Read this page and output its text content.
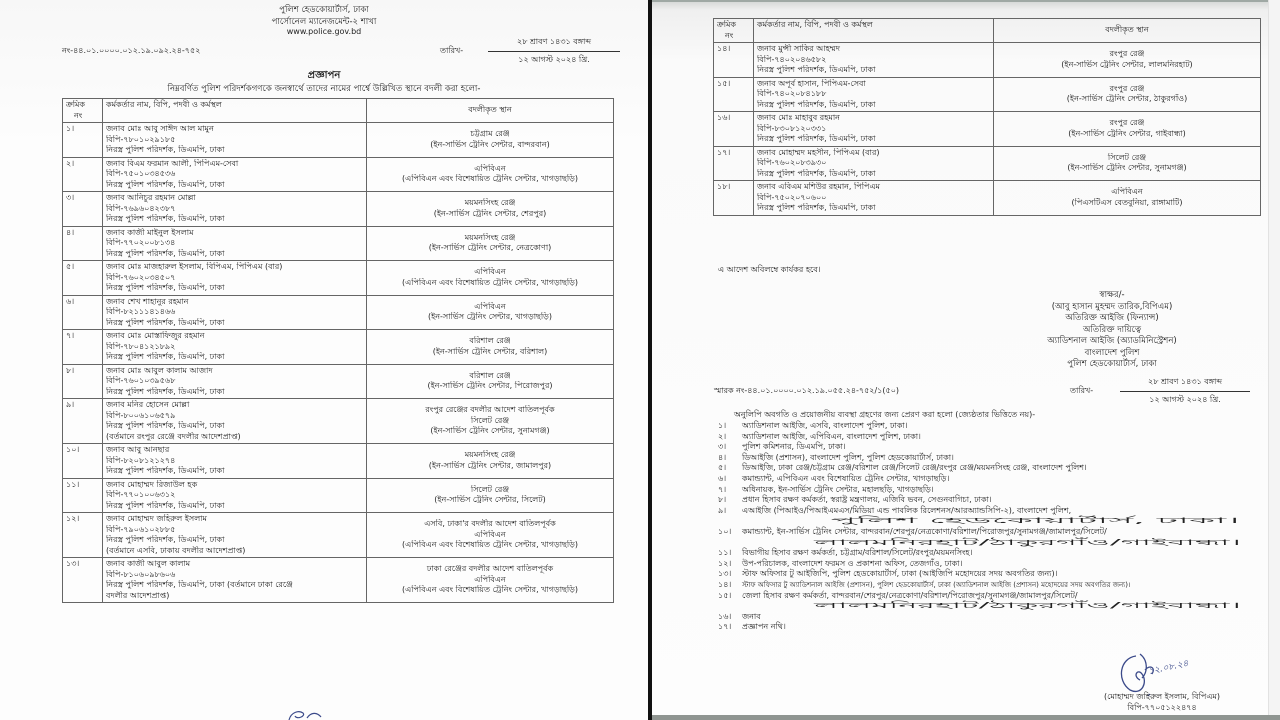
পুলিশ হেডকোয়ার্টার্স, ঢাকা
পার্সোনেল ম্যানেজমেন্ট-২ শাখা
www.police.gov.bd
নং-৪৪.০১.০০০০.০১২.১৯.০৯২.২৪-৭৫২	তারিখ-
২৮ শ্রাবণ ১৪৩১ বঙ্গাব্দ
১২ আগস্ট ২০২৪ খ্রি.
প্রজ্ঞাপন
নিম্নবর্ণিত পুলিশ পরিদর্শকগণকে জনস্বার্থে তাদের নামের পার্শ্বে উল্লিখিত স্থানে বদলী করা হলো-
ক্রমিক
নং	কর্মকর্তার নাম, বিপি, পদবী ও কর্মস্থল	বদলীকৃত স্থান
১।	জনাব মোঃ আবু সাঈদ আল মামুন
বিপি-৭৮০১০২৯১৮৫
নিরস্ত্র পুলিশ পরিদর্শক, ডিএমপি, ঢাকা	চট্টগ্রাম রেঞ্জ
(ইন-সার্ভিস ট্রেনিং সেন্টার, বান্দরবান)

২।	জনাব বিএম ফরমান আলী, পিপিএম-সেবা
বিপি-৭৫০১০৩৪৫৩৬
নিরস্ত্র পুলিশ পরিদর্শক, ডিএমপি, ঢাকা	এপিবিএন
(এপিবিএন এবং বিশেষায়িত ট্রেনিং সেন্টার, খাগড়াছড়ি)

৩।	জনাব আনিচুর রহমান মোল্লা
বিপি-৭৬৯৬০৪২৩৮৭
নিরস্ত্র পুলিশ পরিদর্শক, ডিএমপি, ঢাকা	ময়মনসিংহ রেঞ্জ
(ইন-সার্ভিস ট্রেনিং সেন্টার, শেরপুর)

৪।	জনাব কাজী মাইনুল ইসলাম
বিপি-৭৭০২০০৮১৩৪
নিরস্ত্র পুলিশ পরিদর্শক, ডিএমপি, ঢাকা	ময়মনসিংহ রেঞ্জ
(ইন-সার্ভিস ট্রেনিং সেন্টার, নেত্রকোণা)

৫।	জনাব মোঃ মাজহারুল ইসলাম, বিপিএম, পিপিএম (বার)
বিপি-৭৬০২০৩৪৫০৭
নিরস্ত্র পুলিশ পরিদর্শক, ডিএমপি, ঢাকা	এপিবিএন
(এপিবিএন এবং বিশেষায়িত ট্রেনিং সেন্টার, খাগড়াছড়ি)

৬।	জনাব শেখ শাহানুর রহমান
বিপি-৮২১১১৪১৪৬৬
নিরস্ত্র পুলিশ পরিদর্শক, ডিএমপি, ঢাকা	এপিবিএন
(ইন-সার্ভিস ট্রেনিং সেন্টার, খাগড়াছড়ি)

৭।	জনাব মোঃ মোস্তাফিজুর রহমান
বিপি-৭৮০৪১২১৮৯২
নিরস্ত্র পুলিশ পরিদর্শক, ডিএমপি, ঢাকা	বরিশাল রেঞ্জ
(ইন-সার্ভিস ট্রেনিং সেন্টার, বরিশাল)

৮।	জনাব মোঃ আবুল কালাম আজাদ
বিপি-৭৬০১০৩৯৫৬৮
নিরস্ত্র পুলিশ পরিদর্শক, ডিএমপি, ঢাকা	বরিশাল রেঞ্জ
(ইন-সার্ভিস ট্রেনিং সেন্টার, পিরোজপুর)

৯।	জনাব মনির হোসেন মোল্লা
বিপি-৮০০৬১০৬৫৭৯
নিরস্ত্র পুলিশ পরিদর্শক, ডিএমপি, ঢাকা
(বর্তমানে রংপুর রেঞ্জে বদলীর আদেশপ্রাপ্ত)	রংপুর রেঞ্জের বদলীর আদেশ বাতিলপূর্বক
সিলেট রেঞ্জ
(ইন-সার্ভিস ট্রেনিং সেন্টার, সুনামগঞ্জ)

১০।	জনাব আবু আনছার
বিপি-৮২০৮১২১২৭৪
নিরস্ত্র পুলিশ পরিদর্শক, ডিএমপি, ঢাকা	ময়মনসিংহ রেঞ্জ
(ইন-সার্ভিস ট্রেনিং সেন্টার, জামালপুর)

১১।	জনাব মোহাম্মদ রিজাউল হক
বিপি-৭৭০১০০৬৩১২
নিরস্ত্র পুলিশ পরিদর্শক, ডিএমপি, ঢাকা	সিলেট রেঞ্জ
(ইন-সার্ভিস ট্রেনিং সেন্টার, সিলেট)

১২।	জনাব মোহাম্মদ জহিরুল ইসলাম
বিপি-৭৯০৬১০২৮৮৫
নিরস্ত্র পুলিশ পরিদর্শক, ডিএমপি, ঢাকা
(বর্তমানে এসবি, ঢাকায় বদলীর আদেশপ্রাপ্ত)	এসবি, ঢাকা'র বদলীর আদেশ বাতিলপূর্বক
এপিবিএন
(এপিবিএন এবং বিশেষায়িত ট্রেনিং সেন্টার, খাগড়াছড়ি)

১৩।	জনাব কাজী আবুল কালাম
বিপি-৮১০৬০৯৮৬০৬
নিরস্ত্র পুলিশ পরিদর্শক, ডিএমপি, ঢাকা (বর্তমানে ঢাকা রেঞ্জে
বদলীর আদেশপ্রাপ্ত)	ঢাকা রেঞ্জের বদলীর আদেশ বাতিলপূর্বক
এপিবিএন
(এপিবিএন এবং বিশেষায়িত ট্রেনিং সেন্টার, খাগড়াছড়ি)
ক্রমিক
নং	কর্মকর্তার নাম, বিপি, পদবী ও কর্মস্থল	বদলীকৃত স্থান
১৪।	জনাব মুন্সী সাকির আহম্মদ
বিপি-৭৪০২০৪৬৫৮২
নিরস্ত্র পুলিশ পরিদর্শক, ডিএমপি, ঢাকা	রংপুর রেঞ্জ
(ইন-সার্ভিস ট্রেনিং সেন্টার, লালমনিরহাট)

১৫।	জনাব অপূর্ব হাসান, পিপিএম-সেবা
বিপি-৭৪০২০৮৪১৮৮
নিরস্ত্র পুলিশ পরিদর্শক, ডিএমপি, ঢাকা	রংপুর রেঞ্জ
(ইন-সার্ভিস ট্রেনিং সেন্টার, ঠাকুরগাঁও)

১৬।	জনাব মোঃ মাহাবুব রহমান
বিপি-৮৩০৮১২০৩৩১
নিরস্ত্র পুলিশ পরিদর্শক, ডিএমপি, ঢাকা	রংপুর রেঞ্জ
(ইন-সার্ভিস ট্রেনিং সেন্টার, গাইবান্ধা)

১৭।	জনাব মোহাম্মদ মহসীন, পিপিএম (বার)
বিপি-৭৬০২০৮৩৯৩০
নিরস্ত্র পুলিশ পরিদর্শক, ডিএমপি, ঢাকা	সিলেট রেঞ্জ
(ইন-সার্ভিস ট্রেনিং সেন্টার, সুনামগঞ্জ)

১৮।	জনাব এবিএম মশিউর রহমান, পিপিএম
বিপি-৭৫০২০৭০৬০০
নিরস্ত্র পুলিশ পরিদর্শক, ডিএমপি, ঢাকা	এপিবিএন
(পিএসটিএস বেতবুনিয়া, রাঙ্গামাটি)
এ আদেশ অবিলম্বে কার্যকর হবে।
স্বাক্ষর/-
(আবু হাসান মুহম্মদ তারিক,বিপিএম)
অতিরিক্ত আইজি (ফিন্যান্স)
অতিরিক্ত দায়িত্বে
অ্যাডিশনাল আইজি (অ্যাডমিনিস্ট্রেশন)
বাংলাদেশ পুলিশ
পুলিশ হেডকোয়ার্টার্স, ঢাকা
স্মারক নং-৪৪.০১.০০০০.০১২.১৯.০৫৫.২৪-৭৫২/১(৫০)	তারিখ-
২৮ শ্রাবণ ১৪৩১ বঙ্গাব্দ
১২ আগস্ট ২০২৪ খ্রি.
অনুলিপি অবগতি ও প্রয়োজনীয় ব্যবস্থা গ্রহণের জন্য প্রেরণ করা হলো (জ্যেষ্ঠতার ভিত্তিতে নয়)-
১।	অ্যাডিশনাল আইজি, এসবি, বাংলাদেশ পুলিশ, ঢাকা।
২।	অ্যাডিশনাল আইজি, এপিবিএন, বাংলাদেশ পুলিশ, ঢাকা।
৩।	পুলিশ কমিশনার, ডিএমপি, ঢাকা।
৪।	ডিআইজি (প্রশাসন), বাংলাদেশ পুলিশ, পুলিশ হেডকোয়ার্টার্স, ঢাকা।
৫।	ডিআইজি, ঢাকা রেঞ্জ/চট্টগ্রাম রেঞ্জ/বরিশাল রেঞ্জ/সিলেট রেঞ্জ/রংপুর রেঞ্জ/ময়মনসিংহ রেঞ্জ, বাংলাদেশ পুলিশ।
৬।	কমান্ড্যান্ট, এপিবিএন এবং বিশেষায়িত ট্রেনিং সেন্টার, খাগড়াছড়ি।
৭।	অধিনায়ক, ইন-সার্ভিস ট্রেনিং সেন্টার, মহালছড়ি, খাগড়াছড়ি।
৮।	প্রধান হিসাব রক্ষণ কর্মকর্তা, স্বরাষ্ট্র মন্ত্রণালয়, এজিবি ভবন, সেগুনবাগিচা, ঢাকা।
৯।	এআইজি (পিআইও/পিআইএমএস/মিডিয়া এন্ড পাবলিক রিলেশনস/আরঅ্যান্ডসিপি-২), বাংলাদেশ পুলিশ,
পুলিশ হেডকোয়ার্টার্স, ঢাকা।
১০।	কমান্ড্যান্ট, ইন-সার্ভিস ট্রেনিং সেন্টার, বান্দরবান/শেরপুর/নেত্রকোণা/বরিশাল/পিরোজপুর/সুনামগঞ্জ/জামালপুর/সিলেট/
লালমনিরহাট/ঠাকুরগাঁও/গাইবান্ধা।
১১।	বিভাগীয় হিসাব রক্ষণ কর্মকর্তা, চট্টগ্রাম/বরিশাল/সিলেট/রংপুর/ময়মনসিংহ।
১২।	উপ-পরিচালক, বাংলাদেশ ফরমস ও প্রকাশনা অফিস, তেজগাঁও, ঢাকা।
১৩।	স্টাফ অফিসার টু আইজিপি, পুলিশ হেডকোয়ার্টার্স, ঢাকা (আইজিপি মহোদয়ের সদয় অবগতির জন্য)।
১৪।	স্টাফ অফিসার টু অ্যাডিশনাল আইজি (প্রশাসন), পুলিশ হেডকোয়ার্টার্স, ঢাকা (অ্যাডিশনাল আইজি (প্রশাসন) মহোদয়ের সদয় অবগতির জন্য)।
১৫।	জেলা হিসাব রক্ষণ কর্মকর্তা, বান্দরবান/শেরপুর/নেত্রকোণা/বরিশাল/পিরোজপুর/সুনামগঞ্জ/জামালপুর/সিলেট/
লালমনিরহাট/ঠাকুরগাঁও/গাইবান্ধা।
১৬।	জনাব
১৭।	প্রজ্ঞাপন নথি।
১২.০৮.২৪
(মোহাম্মদ জহিরুল ইসলাম, বিপিএম)
বিপি-৭৭০৫১২২৪৭৪
